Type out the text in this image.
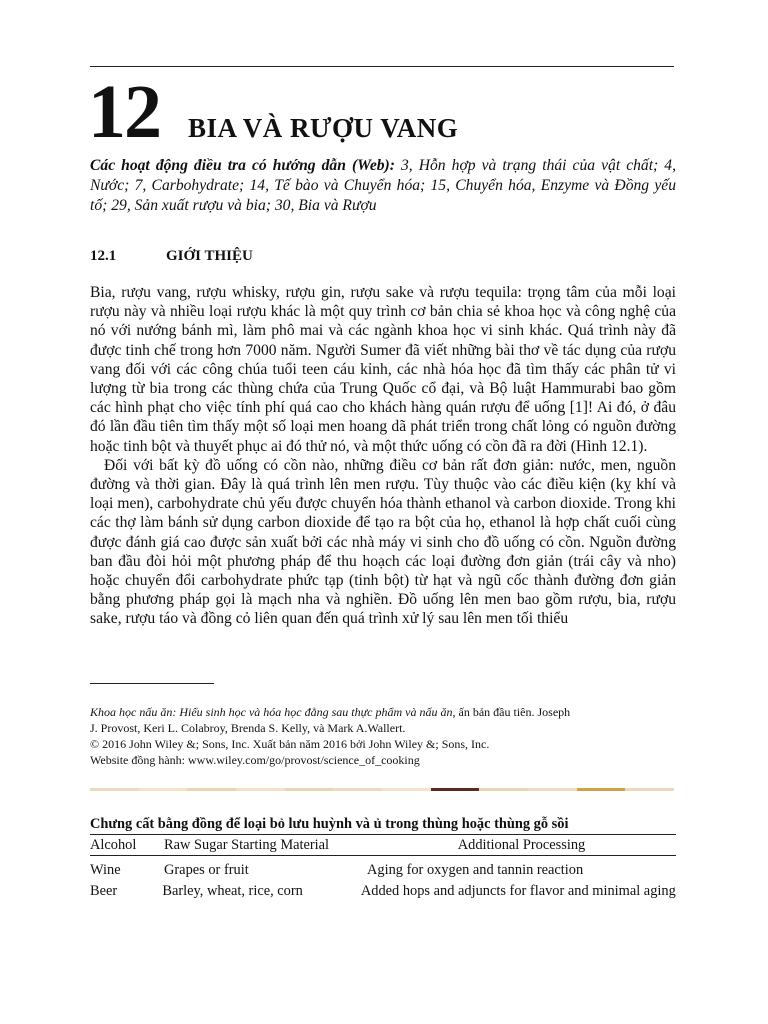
12 BIA VÀ RƯỢU VANG
Các hoạt động điều tra có hướng dẫn (Web): 3, Hỗn hợp và trạng thái của vật chất; 4, Nước; 7, Carbohydrate; 14, Tế bào và Chuyển hóa; 15, Chuyển hóa, Enzyme và Đồng yếu tố; 29, Sản xuất rượu và bia; 30, Bia và Rượu
12.1	GIỚI THIỆU

Bia, rượu vang, rượu whisky, rượu gin, rượu sake và rượu tequila: trọng tâm của mỗi loại rượu này và nhiều loại rượu khác là một quy trình cơ bản chia sẻ khoa học và công nghệ của nó với nướng bánh mì, làm phô mai và các ngành khoa học vi sinh khác. Quá trình này đã được tinh chế trong hơn 7000 năm. Người Sumer đã viết những bài thơ về tác dụng của rượu vang đối với các công chúa tuổi teen cáu kỉnh, các nhà hóa học đã tìm thấy các phân tử vi lượng từ bia trong các thùng chứa của Trung Quốc cổ đại, và Bộ luật Hammurabi bao gồm các hình phạt cho việc tính phí quá cao cho khách hàng quán rượu để uống [1]! Ai đó, ở đâu đó lần đầu tiên tìm thấy một số loại men hoang dã phát triển trong chất lỏng có nguồn đường hoặc tinh bột và thuyết phục ai đó thử nó, và một thức uống có cồn đã ra đời (Hình 12.1).

Đối với bất kỳ đồ uống có cồn nào, những điều cơ bản rất đơn giản: nước, men, nguồn đường và thời gian. Đây là quá trình lên men rượu. Tùy thuộc vào các điều kiện (kỵ khí và loại men), carbohydrate chủ yếu được chuyển hóa thành ethanol và carbon dioxide. Trong khi các thợ làm bánh sử dụng carbon dioxide để tạo ra bột của họ, ethanol là hợp chất cuối cùng được đánh giá cao được sản xuất bởi các nhà máy vi sinh cho đồ uống có cồn. Nguồn đường ban đầu đòi hỏi một phương pháp để thu hoạch các loại đường đơn giản (trái cây và nho) hoặc chuyển đổi carbohydrate phức tạp (tinh bột) từ hạt và ngũ cốc thành đường đơn giản bằng phương pháp gọi là mạch nha và nghiền. Đồ uống lên men bao gồm rượu, bia, rượu sake, rượu táo và đồng cỏ liên quan đến quá trình xử lý sau lên men tối thiểu

Khoa học nấu ăn: Hiểu sinh học và hóa học đằng sau thực phẩm và nấu ăn, ấn bản đầu tiên. Joseph
J. Provost, Keri L. Colabroy, Brenda S. Kelly, và Mark A.Wallert.
© 2016 John Wiley &; Sons, Inc. Xuất bản năm 2016 bởi John Wiley &; Sons, Inc.
Website đồng hành: www.wiley.com/go/provost/science_of_cooking
Chưng cất bằng đồng để loại bỏ lưu huỳnh và ủ trong thùng hoặc thùng gỗ sồi
Alcohol	Raw Sugar Starting Material	Additional Processing
Wine	Grapes or fruit	Aging for oxygen and tannin reaction
Beer	Barley, wheat, rice, corn	Added hops and adjuncts for flavor and minimal aging
